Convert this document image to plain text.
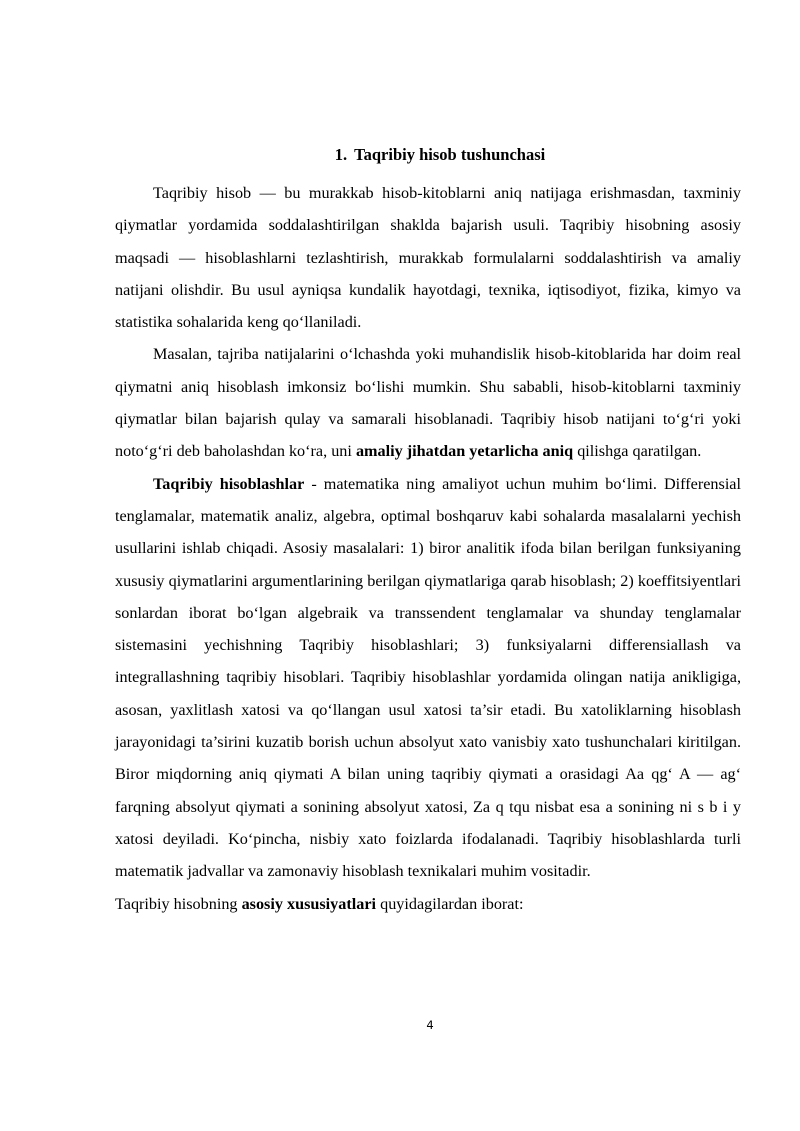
1. Taqribiy hisob tushunchasi

Taqribiy hisob — bu murakkab hisob-kitoblarni aniq natijaga erishmasdan, taxminiy qiymatlar yordamida soddalashtirilgan shaklda bajarish usuli. Taqribiy hisobning asosiy maqsadi — hisoblashlarni tezlashtirish, murakkab formulalarni soddalashtirish va amaliy natijani olishdir. Bu usul ayniqsa kundalik hayotdagi, texnika, iqtisodiyot, fizika, kimyo va statistika sohalarida keng qo‘llaniladi.

Masalan, tajriba natijalarini o‘lchashda yoki muhandislik hisob-kitoblarida har doim real qiymatni aniq hisoblash imkonsiz bo‘lishi mumkin. Shu sababli, hisob-kitoblarni taxminiy qiymatlar bilan bajarish qulay va samarali hisoblanadi. Taqribiy hisob natijani to‘g‘ri yoki noto‘g‘ri deb baholashdan ko‘ra, uni amaliy jihatdan yetarlicha aniq qilishga qaratilgan.

Taqribiy hisoblashlar - matematika ning amaliyot uchun muhim bo‘limi. Differensial tenglamalar, matematik analiz, algebra, optimal boshqaruv kabi sohalarda masalalarni yechish usullarini ishlab chiqadi. Asosiy masalalari: 1) biror analitik ifoda bilan berilgan funksiyaning xususiy qiymatlarini argumentlarining berilgan qiymatlariga qarab hisoblash; 2) koeffitsiyentlari sonlardan iborat bo‘lgan algebraik va transsendent tenglamalar va shunday tenglamalar sistemasini yechishning Taqribiy hisoblashlari; 3) funksiyalarni differensiallash va integrallashning taqribiy hisoblari. Taqribiy hisoblashlar yordamida olingan natija anikligiga, asosan, yaxlitlash xatosi va qo‘llangan usul xatosi ta’sir etadi. Bu xatoliklarning hisoblash jarayonidagi ta’sirini kuzatib borish uchun absolyut xato vanisbiy xato tushunchalari kiritilgan. Biror miqdorning aniq qiymati A bilan uning taqribiy qiymati a orasidagi Aa qg‘ A — ag‘ farqning absolyut qiymati a sonining absolyut xatosi, Za q tqu nisbat esa a sonining ni s b i y xatosi deyiladi. Ko‘pincha, nisbiy xato foizlarda ifodalanadi. Taqribiy hisoblashlarda turli matematik jadvallar va zamonaviy hisoblash texnikalari muhim vositadir.

Taqribiy hisobning asosiy xususiyatlari quyidagilardan iborat:

4
